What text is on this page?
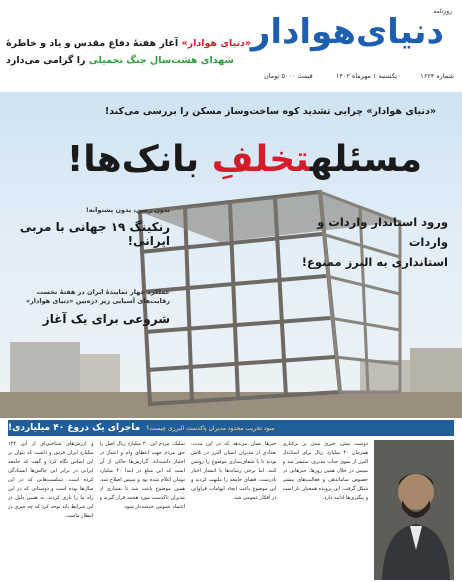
روزنامه
دنیای‌هوادار
شماره ۱۶۲۴
یکشنبه ۱ مهرماه ۱۴۰۲
قیمت ۵۰۰۰ تومان
«دنیای هوادار» آغاز هفتهٔ دفاع مقدس و یاد و خاطرهٔ
شهدای هشت‌سال جنگ تحمیلی را گرامی می‌دارد
«دنیای هوادار» چرایی تشدید کوه ساخت‌وساز مسکن را بررسی می‌کند!
مسئلهتخلفِ بانک‌ها!
ورود استاندار واردات و واردات
استانداری به البرز ممنوع!
بدون رسن، بدون پشتوانه!
رنکینگ ۱۹ جهانی با مربی ایرانی!
عملکرد چهار نمایندهٔ ایران در هفتهٔ نخست رقابت‌های آسیایی زیر ذره‌بین «دنیای هوادار»
شروعی برای یک آغاز
سود تخریب محدود مدیران پاکدست البرزی چیست؟
ماجرای یک دروغ ۴۰ میلیاردی!
دوست پیش، خبری مبنی بر برکناری همزمان ۴۰ میلیارد ریال برای استاندار البرز از سوی جناب مدیری، منتشر شد و سپس در خلال همین روزها، خبرهایی در خصوص ساماندهی و فعالیت‌های بیشتر شکل گرفت. این پرونده همچنان باز است و پیگیری‌ها ادامه دارد.
خبرها نشان می‌دهد که در این مدت، تعدادی از مدیران استان البرز در تلاش بودند تا با شفاف‌سازی موضوع را روشن کنند. اما برخی رسانه‌ها با انتشار اخبار نادرست، فضای جامعه را ملتهب کردند و این موضوع باعث ایجاد ابهامات فراوانی در افکار عمومی شد.
تملیک: مردم این ۴۰ میلیارد ریال اصل را حق مردم جهت اعطای وام و اعتبار در اختیار داشته‌اند. گزارش‌ها حاکی از آن است که این مبلغ در ابتدا ۴۰ میلیارد تومان اعلام شده بود و سپس اصلاح شد. همین موضوع باعث شد تا بسیاری از مدیران پاکدست مورد هجمه قرار گیرند و اعتماد عمومی خدشه‌دار شود.
و ارزش‌های شناختی‌ای از این ۱۲۴ میلیارد ایران فرش و داشت که بتوان بر این اساس نگاه کرد و گفت که جامعه ایرانی در برابر این چالش‌ها ایستادگی کرده است. شکست‌هایی که در این سال‌ها بوده است و دوستانی که در این راه ما را یاری کردند. به همین دلیل در این شرایط باید توجه کرد که چه چیزی در انتظار ماست.
